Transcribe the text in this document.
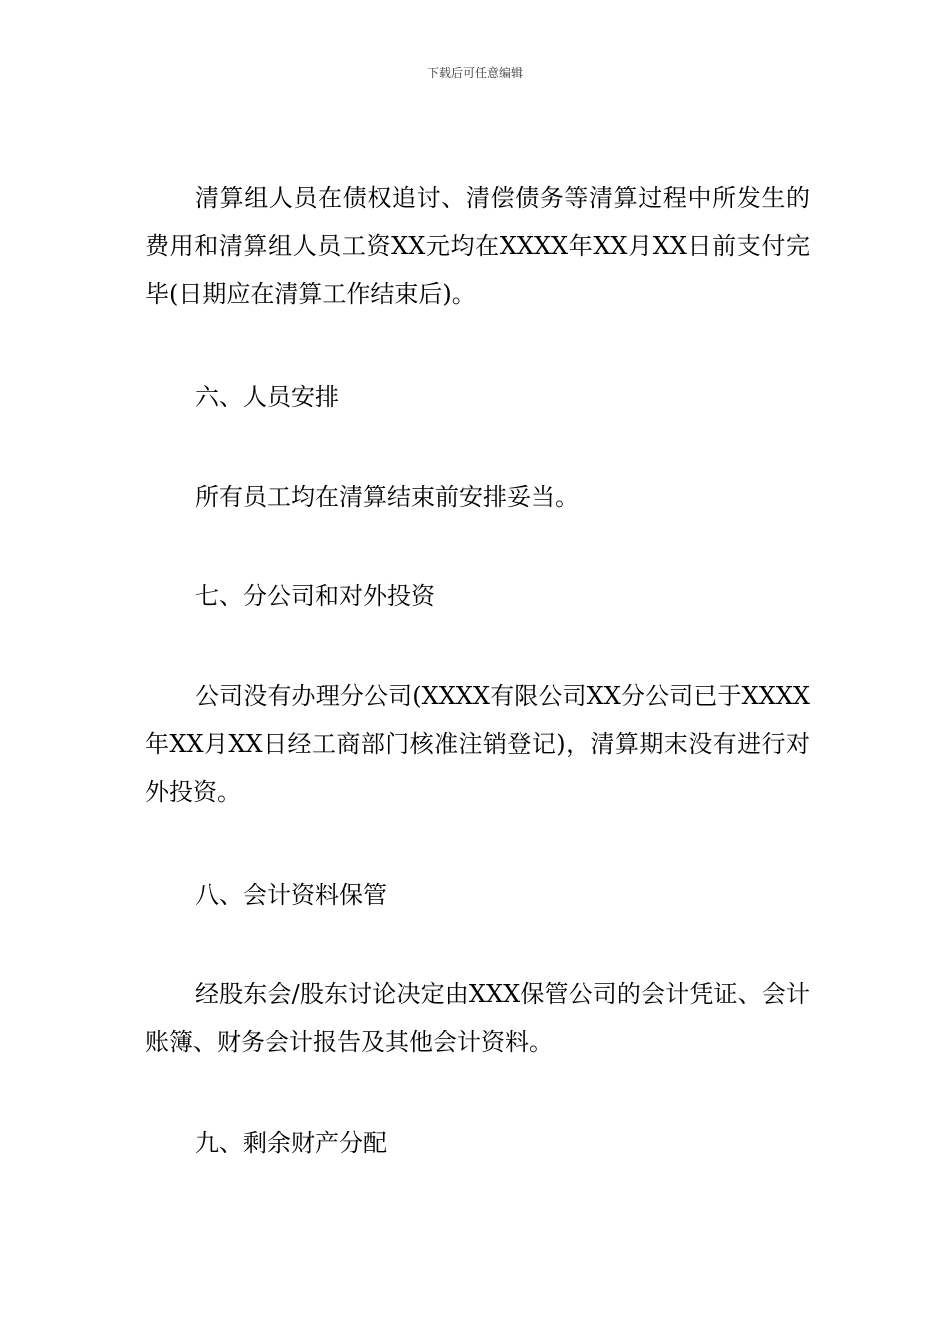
下载后可任意编辑

清算组人员在债权追讨、清偿债务等清算过程中所发生的费用和清算组人员工资XX元均在XXXX年XX月XX日前支付完毕(日期应在清算工作结束后)。

六、人员安排

所有员工均在清算结束前安排妥当。

七、分公司和对外投资

公司没有办理分公司(XXXX有限公司XX分公司已于XXXX年XX月XX日经工商部门核准注销登记)，清算期末没有进行对外投资。

八、会计资料保管

经股东会/股东讨论决定由XXX保管公司的会计凭证、会计账簿、财务会计报告及其他会计资料。

九、剩余财产分配
